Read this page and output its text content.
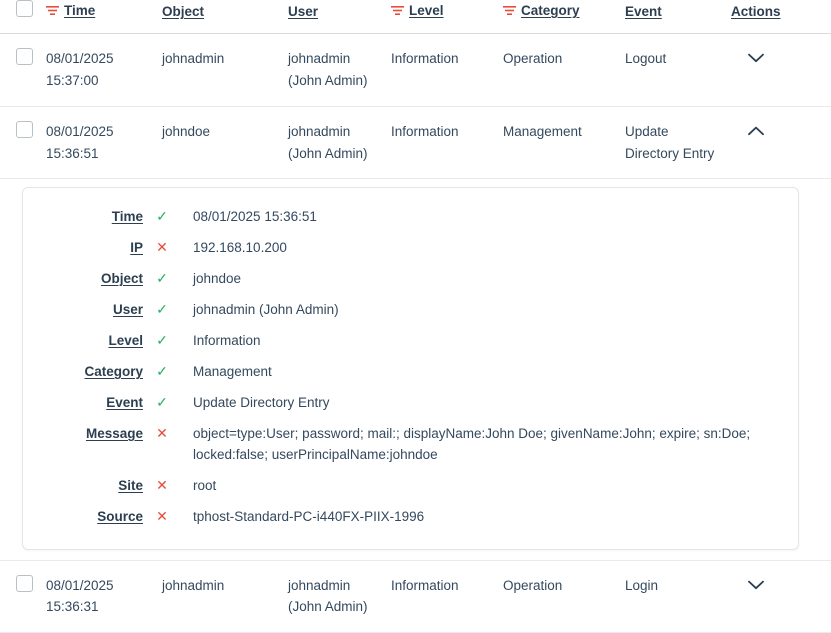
Time	Object	User	Level	Category	Event	Actions

	08/01/2025 15:37:00	johnadmin	johnadmin (John Admin)	Information	Operation	Logout	

	08/01/2025 15:36:51	johndoe	johnadmin (John Admin)	Information	Management	Update Directory Entry	

Time	✓	08/01/2025 15:36:51
IP	✕	192.168.10.200
Object	✓	johndoe
User	✓	johnadmin (John Admin)
Level	✓	Information
Category	✓	Management
Event	✓	Update Directory Entry
Message	✕	object=type:User; password; mail:; displayName:John Doe; givenName:John; expire; sn:Doe; locked:false; userPrincipalName:johndoe
Site	✕	root
Source	✕	tphost-Standard-PC-i440FX-PIIX-1996

	08/01/2025 15:36:31	johnadmin	johnadmin (John Admin)	Information	Operation	Login	
